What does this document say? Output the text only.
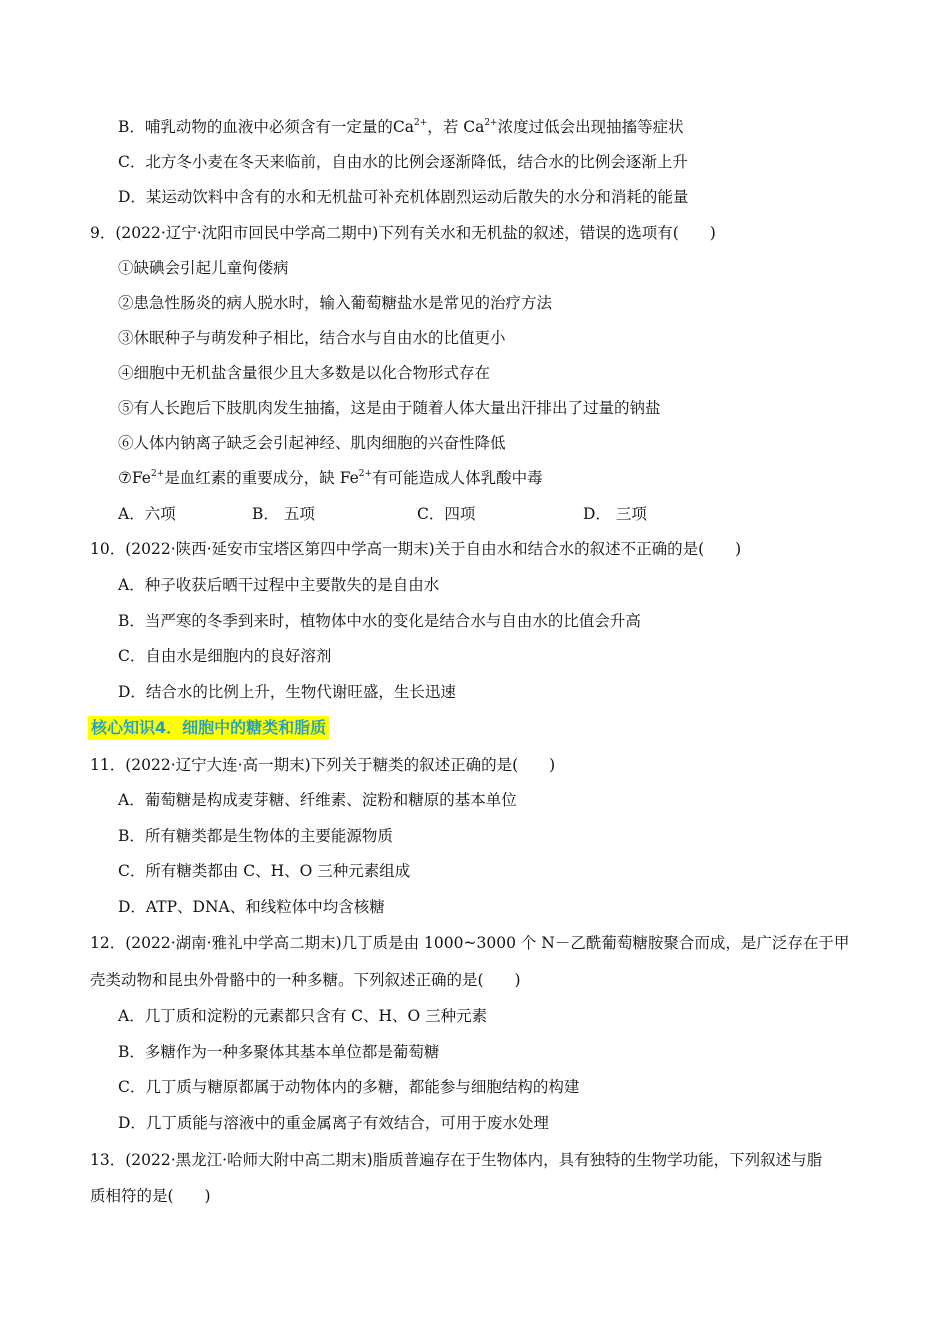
B．哺乳动物的血液中必须含有一定量的$Ca^{2+}$，若 $Ca^{2+}$浓度过低会出现抽搐等症状
C．北方冬小麦在冬天来临前，自由水的比例会逐渐降低，结合水的比例会逐渐上升
D．某运动饮料中含有的水和无机盐可补充机体剧烈运动后散失的水分和消耗的能量
9．(2022·辽宁·沈阳市回民中学高二期中)下列有关水和无机盐的叙述，错误的选项有(　　)
①缺碘会引起儿童佝偻病
②患急性肠炎的病人脱水时，输入葡萄糖盐水是常见的治疗方法
③休眠种子与萌发种子相比，结合水与自由水的比值更小
④细胞中无机盐含量很少且大多数是以化合物形式存在
⑤有人长跑后下肢肌肉发生抽搐，这是由于随着人体大量出汗排出了过量的钠盐
⑥人体内钠离子缺乏会引起神经、肌肉细胞的兴奋性降低
$⑦Fe^{2+}$是血红素的重要成分，缺 $Fe^{2+}$有可能造成人体乳酸中毒
A．六项	B． 五项	C．四项	D． 三项
10．(2022·陕西·延安市宝塔区第四中学高一期末)关于自由水和结合水的叙述不正确的是(　　)
A．种子收获后晒干过程中主要散失的是自由水
B．当严寒的冬季到来时，植物体中水的变化是结合水与自由水的比值会升高
C．自由水是细胞内的良好溶剂
D．结合水的比例上升，生物代谢旺盛，生长迅速
核心知识4．细胞中的糖类和脂质
11．(2022·辽宁大连·高一期末)下列关于糖类的叙述正确的是(　　)
A．葡萄糖是构成麦芽糖、纤维素、淀粉和糖原的基本单位
B．所有糖类都是生物体的主要能源物质
C．所有糖类都由 C、H、O 三种元素组成
D．ATP、DNA、和线粒体中均含核糖
12．(2022·湖南·雅礼中学高二期末)几丁质是由 1000~3000 个 N－乙酰葡萄糖胺聚合而成，是广泛存在于甲
壳类动物和昆虫外骨骼中的一种多糖。下列叙述正确的是(　　)
A．几丁质和淀粉的元素都只含有 C、H、O 三种元素
B．多糖作为一种多聚体其基本单位都是葡萄糖
C．几丁质与糖原都属于动物体内的多糖，都能参与细胞结构的构建
D．几丁质能与溶液中的重金属离子有效结合，可用于废水处理
13．(2022·黑龙江·哈师大附中高二期末)脂质普遍存在于生物体内，具有独特的生物学功能，下列叙述与脂
质相符的是(　　)
